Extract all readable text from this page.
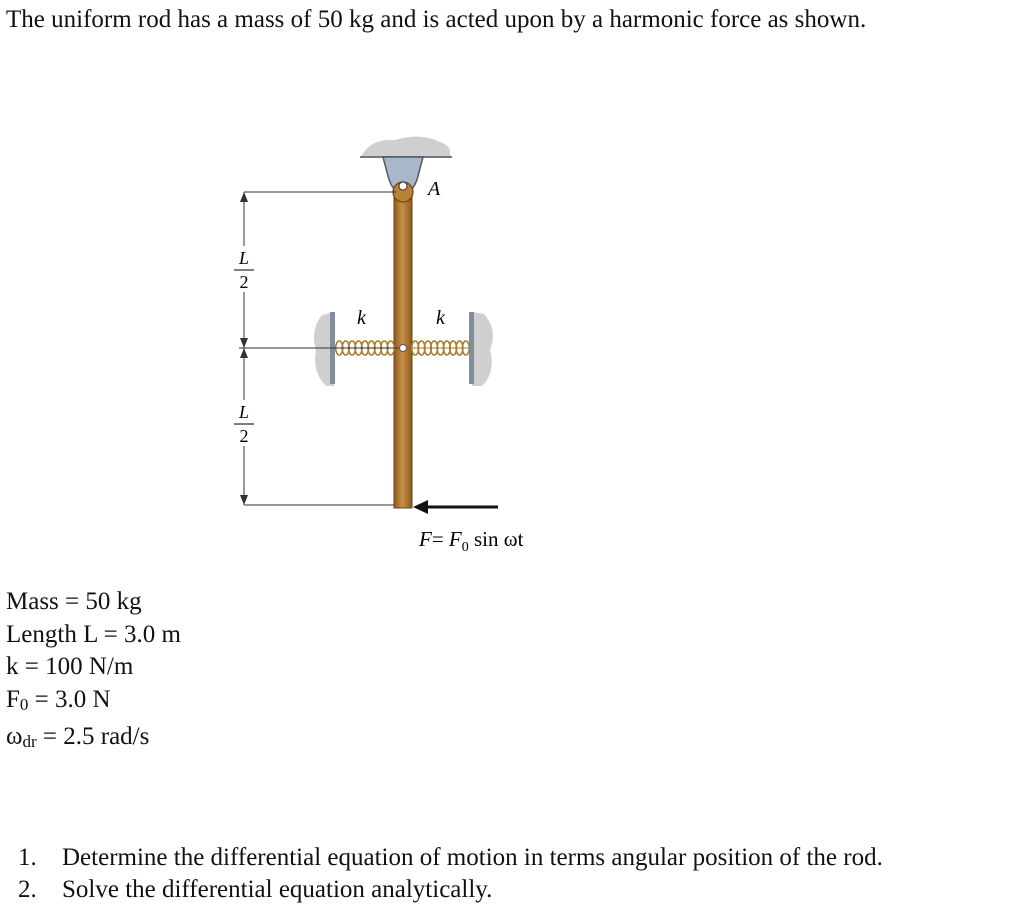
The uniform rod has a mass of 50 kg and is acted upon by a harmonic force as shown.
k	k
A
L
2
L
2
$F= F_0$ sin ωt
Mass = 50 kg
Length L = 3.0 m
k = 100 N/m
F0 = 3.0 N
ωdr = 2.5 rad/s
1. Determine the differential equation of motion in terms angular position of the rod.
2. Solve the differential equation analytically.
